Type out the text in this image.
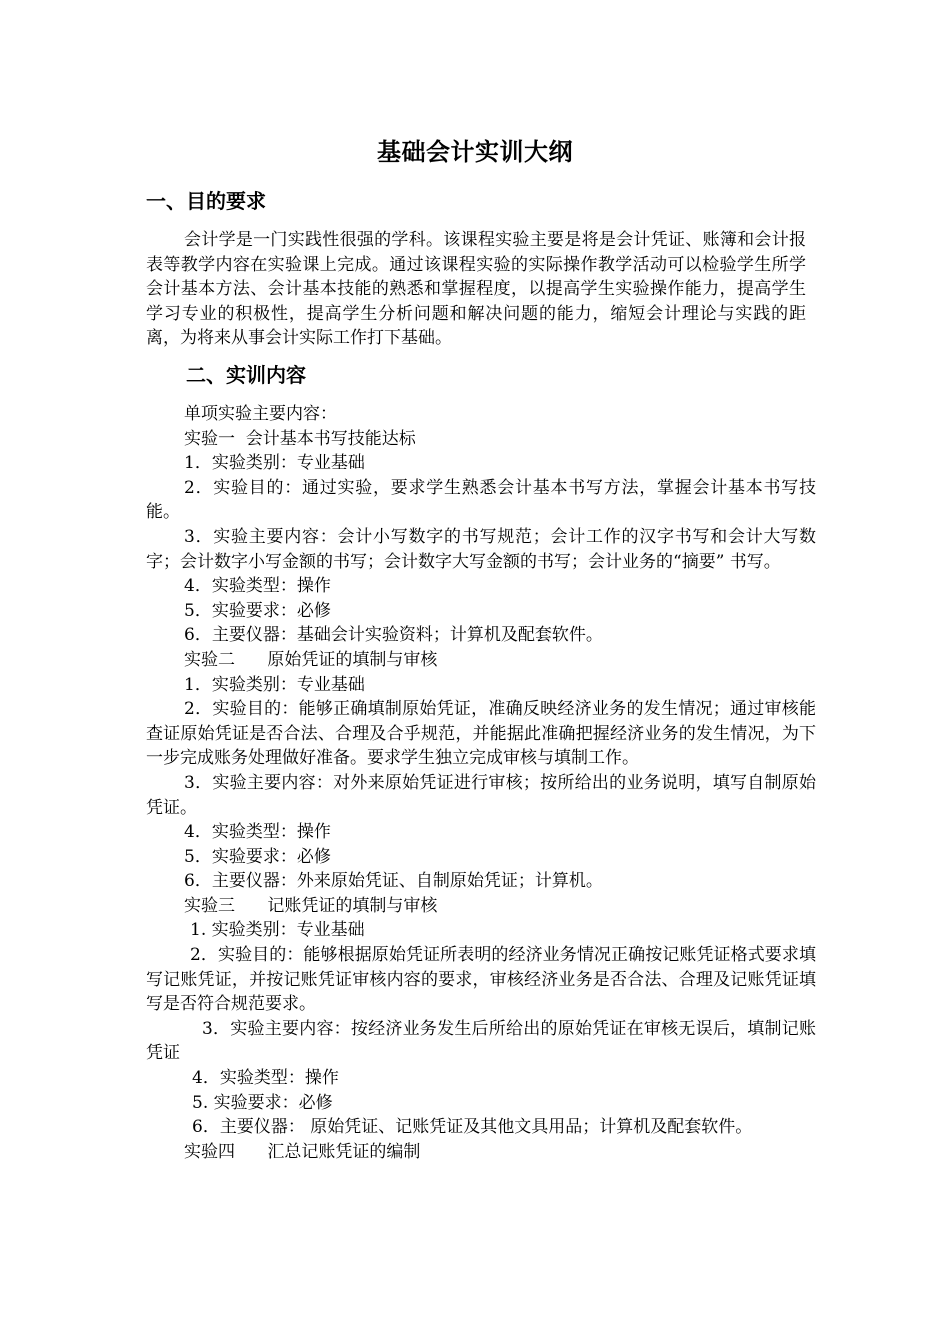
基础会计实训大纲
一、目的要求
会计学是一门实践性很强的学科。该课程实验主要是将是会计凭证、账簿和会计报表等教学内容在实验课上完成。通过该课程实验的实际操作教学活动可以检验学生所学会计基本方法、会计基本技能的熟悉和掌握程度，以提高学生实验操作能力，提高学生学习专业的积极性，提高学生分析问题和解决问题的能力，缩短会计理论与实践的距离，为将来从事会计实际工作打下基础。
二、实训内容
单项实验主要内容：
实验一  会计基本书写技能达标
1．实验类别：专业基础
2．实验目的：通过实验，要求学生熟悉会计基本书写方法，掌握会计基本书写技能。
3．实验主要内容：会计小写数字的书写规范；会计工作的汉字书写和会计大写数字；会计数字小写金额的书写；会计数字大写金额的书写；会计业务的“摘要” 书写。
4．实验类型：操作
5．实验要求：必修
6．主要仪器：基础会计实验资料；计算机及配套软件。
实验二      原始凭证的填制与审核
1．实验类别：专业基础
2．实验目的：能够正确填制原始凭证，准确反映经济业务的发生情况；通过审核能查证原始凭证是否合法、合理及合乎规范，并能据此准确把握经济业务的发生情况，为下一步完成账务处理做好准备。要求学生独立完成审核与填制工作。
3．实验主要内容：对外来原始凭证进行审核；按所给出的业务说明，填写自制原始凭证。
4．实验类型：操作
5．实验要求：必修
6．主要仪器：外来原始凭证、自制原始凭证；计算机。
实验三      记账凭证的填制与审核
1. 实验类别：专业基础
2．实验目的：能够根据原始凭证所表明的经济业务情况正确按记账凭证格式要求填写记账凭证，并按记账凭证审核内容的要求，审核经济业务是否合法、合理及记账凭证填写是否符合规范要求。
3．实验主要内容：按经济业务发生后所给出的原始凭证在审核无误后，填制记账凭证
4．实验类型：操作
5. 实验要求：必修
6．主要仪器： 原始凭证、记账凭证及其他文具用品；计算机及配套软件。
实验四      汇总记账凭证的编制
